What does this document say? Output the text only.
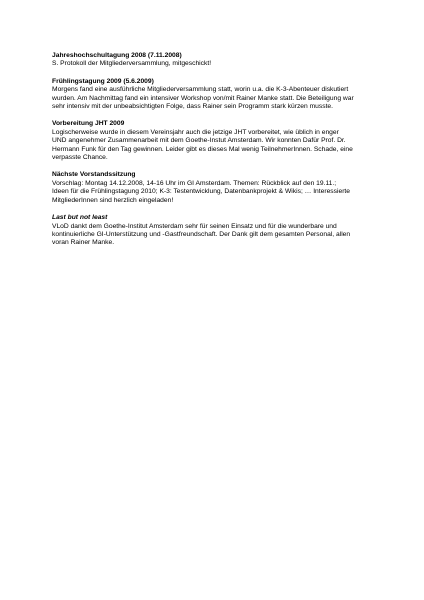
Jahreshochschultagung 2008 (7.11.2008)

S. Protokoll der Mitgliederversammlung, mitgeschickt!

Frühlingstagung 2009 (5.6.2009)

Morgens fand eine ausführliche Mitgliederversammlung statt, worin u.a. die K-3-Abenteuer diskutiert
wurden. Am Nachmittag fand ein intensiver Workshop von/mit Rainer Manke statt. Die Beteiligung war
sehr intensiv mit der unbeabsichtigten Folge, dass Rainer sein Programm stark kürzen musste.

Vorbereitung JHT 2009

Logischerweise wurde in diesem Vereinsjahr auch die jetzige JHT vorbereitet, wie üblich in enger
UND angenehmer Zusammenarbeit mit dem Goethe-Instut Amsterdam. Wir konnten Dafür Prof. Dr.
Hermann Funk für den Tag gewinnen. Leider gibt es dieses Mal wenig TeilnehmerInnen. Schade, eine
verpasste Chance.

Nächste Vorstandssitzung

Vorschlag: Montag 14.12.2008, 14-16 Uhr im GI Amsterdam. Themen: Rückblick auf den 19.11.;
Ideen für die Frühlingstagung 2010; K-3: Testentwicklung, Datenbankprojekt & Wikis; … Interessierte
MitgliederInnen sind herzlich eingeladen!

Last but not least

VLoD dankt dem Goethe-Institut Amsterdam sehr für seinen Einsatz und für die wunderbare und
kontinuierliche GI-Unterstützung und -Gastfreundschaft. Der Dank gilt dem gesamten Personal, allen
voran Rainer Manke.
